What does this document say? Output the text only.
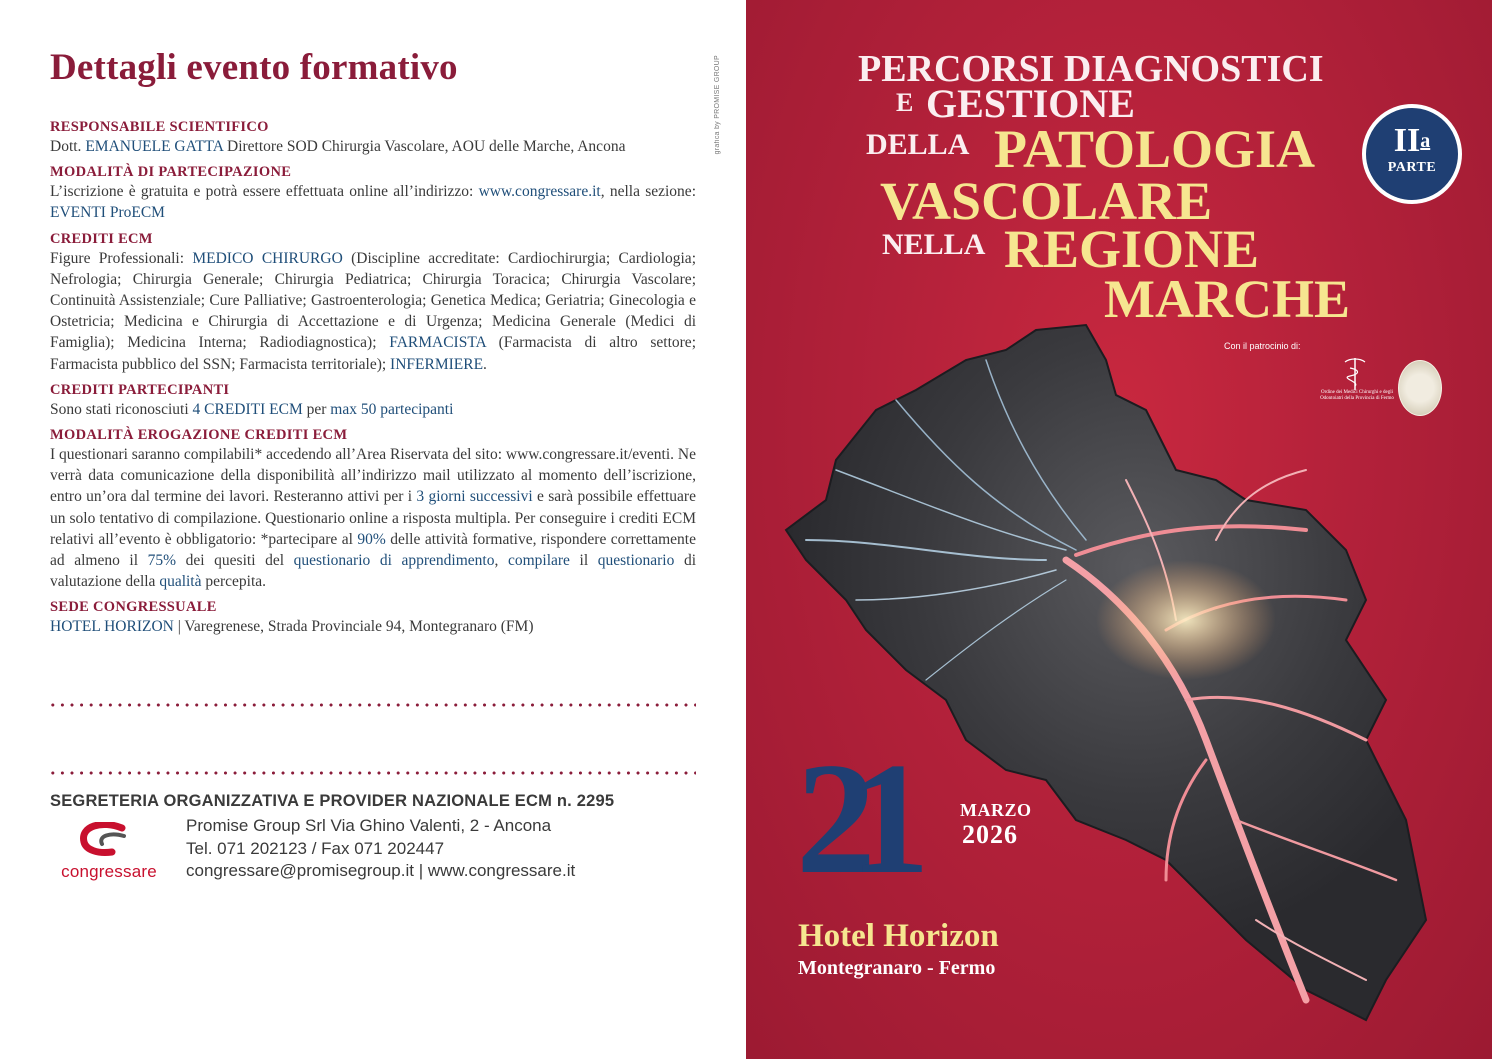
Dettagli evento formativo	grafica by PROMISE GROUP
RESPONSABILE SCIENTIFICO
Dott. EMANUELE GATTA Direttore SOD Chirurgia Vascolare, AOU delle Marche, Ancona
MODALITÀ DI PARTECIPAZIONE
L’iscrizione è gratuita e potrà essere effettuata online all’indirizzo: www.congressare.it, nella sezione: EVENTI ProECM
CREDITI ECM
Figure Professionali: MEDICO CHIRURGO (Discipline accreditate: Cardiochirurgia; Cardiologia; Nefrologia; Chirurgia Generale; Chirurgia Pediatrica; Chirurgia Toracica; Chirurgia Vascolare; Continuità Assistenziale; Cure Palliative; Gastroenterologia; Genetica Medica; Geriatria; Ginecologia e Ostetricia; Medicina e Chirurgia di Accettazione e di Urgenza; Medicina Generale (Medici di Famiglia); Medicina Interna; Radiodiagnostica); FARMACISTA (Farmacista di altro settore; Farmacista pubblico del SSN; Farmacista territoriale); INFERMIERE.
CREDITI PARTECIPANTI
Sono stati riconosciuti 4 CREDITI ECM per max 50 partecipanti
MODALITÀ EROGAZIONE CREDITI ECM
I questionari saranno compilabili* accedendo all’Area Riservata del sito: www.congressare.it/eventi. Ne verrà data comunicazione della disponibilità all’indirizzo mail utilizzato al momento dell’iscrizione, entro un’ora dal termine dei lavori. Resteranno attivi per i 3 giorni successivi e sarà possibile effettuare un solo tentativo di compilazione. Questionario online a risposta multipla. Per conseguire i crediti ECM relativi all’evento è obbligatorio: *partecipare al 90% delle attività formative, rispondere correttamente ad almeno il 75% dei quesiti del questionario di apprendimento, compilare il questionario di valutazione della qualità percepita.
SEDE CONGRESSUALE
HOTEL HORIZON | Varegrenese, Strada Provinciale 94, Montegranaro (FM)
SEGRETERIA ORGANIZZATIVA E PROVIDER NAZIONALE ECM n. 2295
congressare
Promise Group Srl Via Ghino Valenti, 2 - Ancona
Tel. 071 202123 / Fax 071 202447
congressare@promisegroup.it | www.congressare.it
PERCORSI DIAGNOSTICI
E GESTIONE
DELLA PATOLOGIA
VASCOLARE
NELLA REGIONE
MARCHE
$II^a$
PARTE
Con il patrocinio di:
Ordine dei Medici Chirurghi e degli Odontoiatri della Provincia di Fermo
21	MARZO
2026
Hotel Horizon
Montegranaro - Fermo
